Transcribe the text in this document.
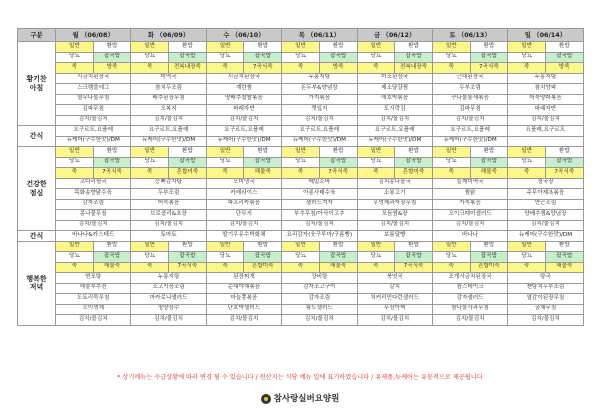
구분	월 （06/08）		화 （06/09）		수 （06/10）		목 （06/11）		금 （06/12）		토 （06/13）		일 （06/14）	

황기찬
아침	일반	환밥	일반	환밥	일반	환밥	일반	환밥	일반	환밥	일반	환밥	일반	환밥
	당뇨	잡곡밥	당뇨	잡곡밥	당뇨	잡곡밥	당뇨	잡곡밥	당뇨	잡곡밥	당뇨	잡곡밥	당뇨	잡곡밥
	죽	방죽	죽	전복내장죽	죽	7곡식죽	죽	방죽	죽	전복내장죽	죽	7곡식죽	죽	방죽
	시금치된장국		미역국		시금치된장국		누룽지탕		미소된장국		근대된장국		누룽지탕	
	스크램블에그		참치두조림		계란찜		돈두부&양념장		제소달걀찜		두부조림		참치양파	
	열무나물무침		배추된장무침		양배추찹쌀볶음		가지볶음		애호박볶음		꾸나물통새볶음		어묵양파볶음	
	김파무침		오복지		파래자반		깻잎지		도시락김		김파무침		파래자반	
	김치/물김치		김치/물김치		김치/물김치		김치/물김치		김치/물김치		김치/물김치		김치/물김치	
간식	요구르트,요플레		요구르트,요플레		요구르트,요플레		요구르트,요플레		요구르트,요플레		요구르트,요플레		요플레,요구르트	
	뉴케어(구수한맛)/DM		뉴케어(구수한맛)/DM		뉴케어(구수한맛)/DM		뉴케어(구수한맛)/DM		뉴케어(구수한맛)/DM		뉴케어(구수한맛)/DM			

건강한
점심	일반	환밥	일반	환밥	일반	환밥	일반	환밥	일반	환밥	일반	환밥	일반	환밥
	당뇨	잡곡밥	당뇨	잡곡밥	당뇨	잡곡밥	당뇨	잡곡밥	당뇨	잡곡밥	당뇨	잡곡밥	당뇨	잡곡밥
	죽	7곡식죽	죽	흔합미죽	죽	해물죽	죽	7곡식죽	죽	흔합미죽	죽	해물죽	죽	7곡식죽
	코다리찜국		등뼈감자탕		오미냉국		메밀소바		김치콩나물국		들깨미역국		청국장	
	목화송향닭수육		두부조림		카레라이스		아롱사태수육		소봉고기		찜닭		주무아제욕볶음	
	감자조림		어묵볶음		파프리카볶음		샐러드겨자		우엉제과자장무침		가지볶음		연근조림	
	콩나물무침		브로콜리&초장		단무지		부추무침/아삭이고추		모듬쌈&장		오이크래미샐러드		양배추찜&양념장	
	김치/물김치		김치/물김치		김치/물김치		김치/물김치		김치/물김치		김치/물김치		김치/물김치	
간식	바나나&카스테드		토마토		딸기우유수박화채		요리감자(웃구루마/구름빵)		보름달빵		바나나		뉴케어(구수한맛)/DM	

행복한
저녁	일반	환밥	일반	환밥	일반	환밥	일반	환밥	일반	환밥	일반	환밥	일반	환밥
	당뇨	잡곡밥	당뇨	잡곡밥	당뇨	잡곡밥	당뇨	잡곡밥	당뇨	잡곡밥	당뇨	잡곡밥	당뇨	잡곡밥
	죽	해물죽	죽	7곡식죽	죽	흔합미죽	죽	해물죽	죽	7곡식죽	죽	흔합미죽	죽	해물죽
	면포탕		누룽지탕		된장찌개		강비탕		북엇국		조개시금치된장국		탕국	
	해물부추전		소고기장조림		순대야채볶음		감자조고구이		갈치		참스테이크		젠탕치두부조림	
	도토리묵무침		마카로니샐러드		마늘쫑볶음		감자조림		치커리민다런샐러드		감자샐러드		열감이된장무침	
	오이생채		청양장수		단호박샐러드		황도샐러드		무장아찌		참나물사과무침		궁채무침	
	김치/물김치		김치/물김치		김치/물김치		김치/물김치		김치/물김치		김치/물김치		김치/물김치	
* 상기메뉴는 수급상황에 따라 변경 될 수 있습니다 / 원산지는 식당 메뉴 일에 표기하였습니다 / 유제품,뉴케어는 유동적으로 제공됩니다
참사랑실버요양원
